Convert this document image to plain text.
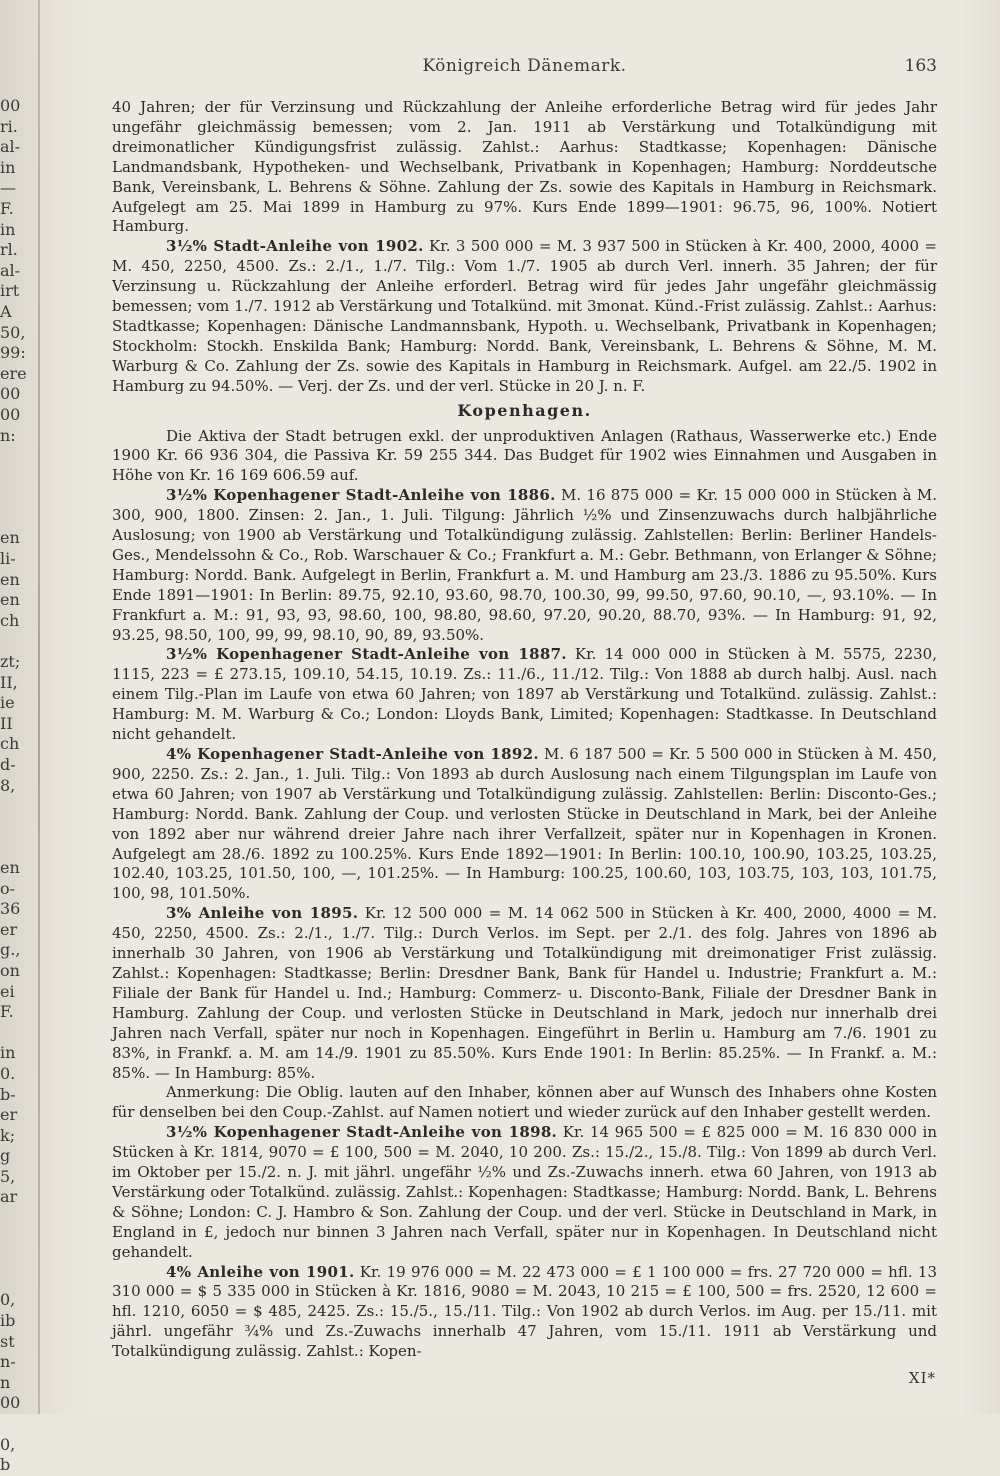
00
ri.
al-
in
—
F.
in
rl.
al-
irt
A
50,
99:
ere
00
00
n:
en
li-
en
en
ch
zt;
II,
ie
II
ch
d-
8,
en
o-
36
er
g.,
on
ei
F.
in
0.
b-
er
k;
g
5,
ar
0,
ib
st
n-
n
00
0,
b
Königreich Dänemark.	163

40 Jahren; der für Verzinsung und Rückzahlung der Anleihe erforderliche Betrag wird für jedes Jahr ungefähr gleichmässig bemessen; vom 2. Jan. 1911 ab Verstärkung und Totalkündigung mit dreimonatlicher Kündigungsfrist zulässig. Zahlst.: Aarhus: Stadtkasse; Kopenhagen: Dänische Landmandsbank, Hypotheken- und Wechselbank, Privatbank in Kopenhagen; Hamburg: Norddeutsche Bank, Vereinsbank, L. Behrens & Söhne. Zahlung der Zs. sowie des Kapitals in Hamburg in Reichsmark. Aufgelegt am 25. Mai 1899 in Hamburg zu 97%. Kurs Ende 1899—1901: 96.75, 96, 100%. Notiert Hamburg.

3½% Stadt-Anleihe von 1902. Kr. 3 500 000 = M. 3 937 500 in Stücken à Kr. 400, 2000, 4000 = M. 450, 2250, 4500. Zs.: 2./1., 1./7. Tilg.: Vom 1./7. 1905 ab durch Verl. innerh. 35 Jahren; der für Verzinsung u. Rückzahlung der Anleihe erforderl. Betrag wird für jedes Jahr ungefähr gleichmässig bemessen; vom 1./7. 1912 ab Verstärkung und Totalkünd. mit 3monat. Künd.-Frist zulässig. Zahlst.: Aarhus: Stadtkasse; Kopenhagen: Dänische Landmannsbank, Hypoth. u. Wechselbank, Privatbank in Kopenhagen; Stockholm: Stockh. Enskilda Bank; Hamburg: Nordd. Bank, Vereinsbank, L. Behrens & Söhne, M. M. Warburg & Co. Zahlung der Zs. sowie des Kapitals in Hamburg in Reichsmark. Aufgel. am 22./5. 1902 in Hamburg zu 94.50%. — Verj. der Zs. und der verl. Stücke in 20 J. n. F.

Kopenhagen.

Die Aktiva der Stadt betrugen exkl. der unproduktiven Anlagen (Rathaus, Wasserwerke etc.) Ende 1900 Kr. 66 936 304, die Passiva Kr. 59 255 344. Das Budget für 1902 wies Einnahmen und Ausgaben in Höhe von Kr. 16 169 606.59 auf.

3½% Kopenhagener Stadt-Anleihe von 1886. M. 16 875 000 = Kr. 15 000 000 in Stücken à M. 300, 900, 1800. Zinsen: 2. Jan., 1. Juli. Tilgung: Jährlich ½% und Zinsenzuwachs durch halbjährliche Auslosung; von 1900 ab Verstärkung und Totalkündigung zulässig. Zahlstellen: Berlin: Berliner Handels-Ges., Mendelssohn & Co., Rob. Warschauer & Co.; Frankfurt a. M.: Gebr. Bethmann, von Erlanger & Söhne; Hamburg: Nordd. Bank. Aufgelegt in Berlin, Frankfurt a. M. und Hamburg am 23./3. 1886 zu 95.50%. Kurs Ende 1891—1901: In Berlin: 89.75, 92.10, 93.60, 98.70, 100.30, 99, 99.50, 97.60, 90.10, —, 93.10%. — In Frankfurt a. M.: 91, 93, 93, 98.60, 100, 98.80, 98.60, 97.20, 90.20, 88.70, 93%. — In Hamburg: 91, 92, 93.25, 98.50, 100, 99, 99, 98.10, 90, 89, 93.50%.

3½% Kopenhagener Stadt-Anleihe von 1887. Kr. 14 000 000 in Stücken à M. 5575, 2230, 1115, 223 = £ 273.15, 109.10, 54.15, 10.19. Zs.: 11./6., 11./12. Tilg.: Von 1888 ab durch halbj. Ausl. nach einem Tilg.-Plan im Laufe von etwa 60 Jahren; von 1897 ab Verstärkung und Totalkünd. zulässig. Zahlst.: Hamburg: M. M. Warburg & Co.; London: Lloyds Bank, Limited; Kopenhagen: Stadtkasse. In Deutschland nicht gehandelt.

4% Kopenhagener Stadt-Anleihe von 1892. M. 6 187 500 = Kr. 5 500 000 in Stücken à M. 450, 900, 2250. Zs.: 2. Jan., 1. Juli. Tilg.: Von 1893 ab durch Auslosung nach einem Tilgungsplan im Laufe von etwa 60 Jahren; von 1907 ab Verstärkung und Totalkündigung zulässig. Zahlstellen: Berlin: Disconto-Ges.; Hamburg: Nordd. Bank. Zahlung der Coup. und verlosten Stücke in Deutschland in Mark, bei der Anleihe von 1892 aber nur während dreier Jahre nach ihrer Verfallzeit, später nur in Kopenhagen in Kronen. Aufgelegt am 28./6. 1892 zu 100.25%. Kurs Ende 1892—1901: In Berlin: 100.10, 100.90, 103.25, 103.25, 102.40, 103.25, 101.50, 100, —, 101.25%. — In Hamburg: 100.25, 100.60, 103, 103.75, 103, 103, 101.75, 100, 98, 101.50%.

3% Anleihe von 1895. Kr. 12 500 000 = M. 14 062 500 in Stücken à Kr. 400, 2000, 4000 = M. 450, 2250, 4500. Zs.: 2./1., 1./7. Tilg.: Durch Verlos. im Sept. per 2./1. des folg. Jahres von 1896 ab innerhalb 30 Jahren, von 1906 ab Verstärkung und Totalkündigung mit dreimonatiger Frist zulässig. Zahlst.: Kopenhagen: Stadtkasse; Berlin: Dresdner Bank, Bank für Handel u. Industrie; Frankfurt a. M.: Filiale der Bank für Handel u. Ind.; Hamburg: Commerz- u. Disconto-Bank, Filiale der Dresdner Bank in Hamburg. Zahlung der Coup. und verlosten Stücke in Deutschland in Mark, jedoch nur innerhalb drei Jahren nach Verfall, später nur noch in Kopenhagen. Eingeführt in Berlin u. Hamburg am 7./6. 1901 zu 83%, in Frankf. a. M. am 14./9. 1901 zu 85.50%. Kurs Ende 1901: In Berlin: 85.25%. — In Frankf. a. M.: 85%. — In Hamburg: 85%.

Anmerkung: Die Oblig. lauten auf den Inhaber, können aber auf Wunsch des Inhabers ohne Kosten für denselben bei den Coup.-Zahlst. auf Namen notiert und wieder zurück auf den Inhaber gestellt werden.

3½% Kopenhagener Stadt-Anleihe von 1898. Kr. 14 965 500 = £ 825 000 = M. 16 830 000 in Stücken à Kr. 1814, 9070 = £ 100, 500 = M. 2040, 10 200. Zs.: 15./2., 15./8. Tilg.: Von 1899 ab durch Verl. im Oktober per 15./2. n. J. mit jährl. ungefähr ½% und Zs.-Zuwachs innerh. etwa 60 Jahren, von 1913 ab Verstärkung oder Totalkünd. zulässig. Zahlst.: Kopenhagen: Stadtkasse; Hamburg: Nordd. Bank, L. Behrens & Söhne; London: C. J. Hambro & Son. Zahlung der Coup. und der verl. Stücke in Deutschland in Mark, in England in £, jedoch nur binnen 3 Jahren nach Verfall, später nur in Kopenhagen. In Deutschland nicht gehandelt.

4% Anleihe von 1901. Kr. 19 976 000 = M. 22 473 000 = £ 1 100 000 = frs. 27 720 000 = hfl. 13 310 000 = $ 5 335 000 in Stücken à Kr. 1816, 9080 = M. 2043, 10 215 = £ 100, 500 = frs. 2520, 12 600 = hfl. 1210, 6050 = $ 485, 2425. Zs.: 15./5., 15./11. Tilg.: Von 1902 ab durch Verlos. im Aug. per 15./11. mit jährl. ungefähr ¾% und Zs.-Zuwachs innerhalb 47 Jahren, vom 15./11. 1911 ab Verstärkung und Totalkündigung zulässig. Zahlst.: Kopen-

XI*
